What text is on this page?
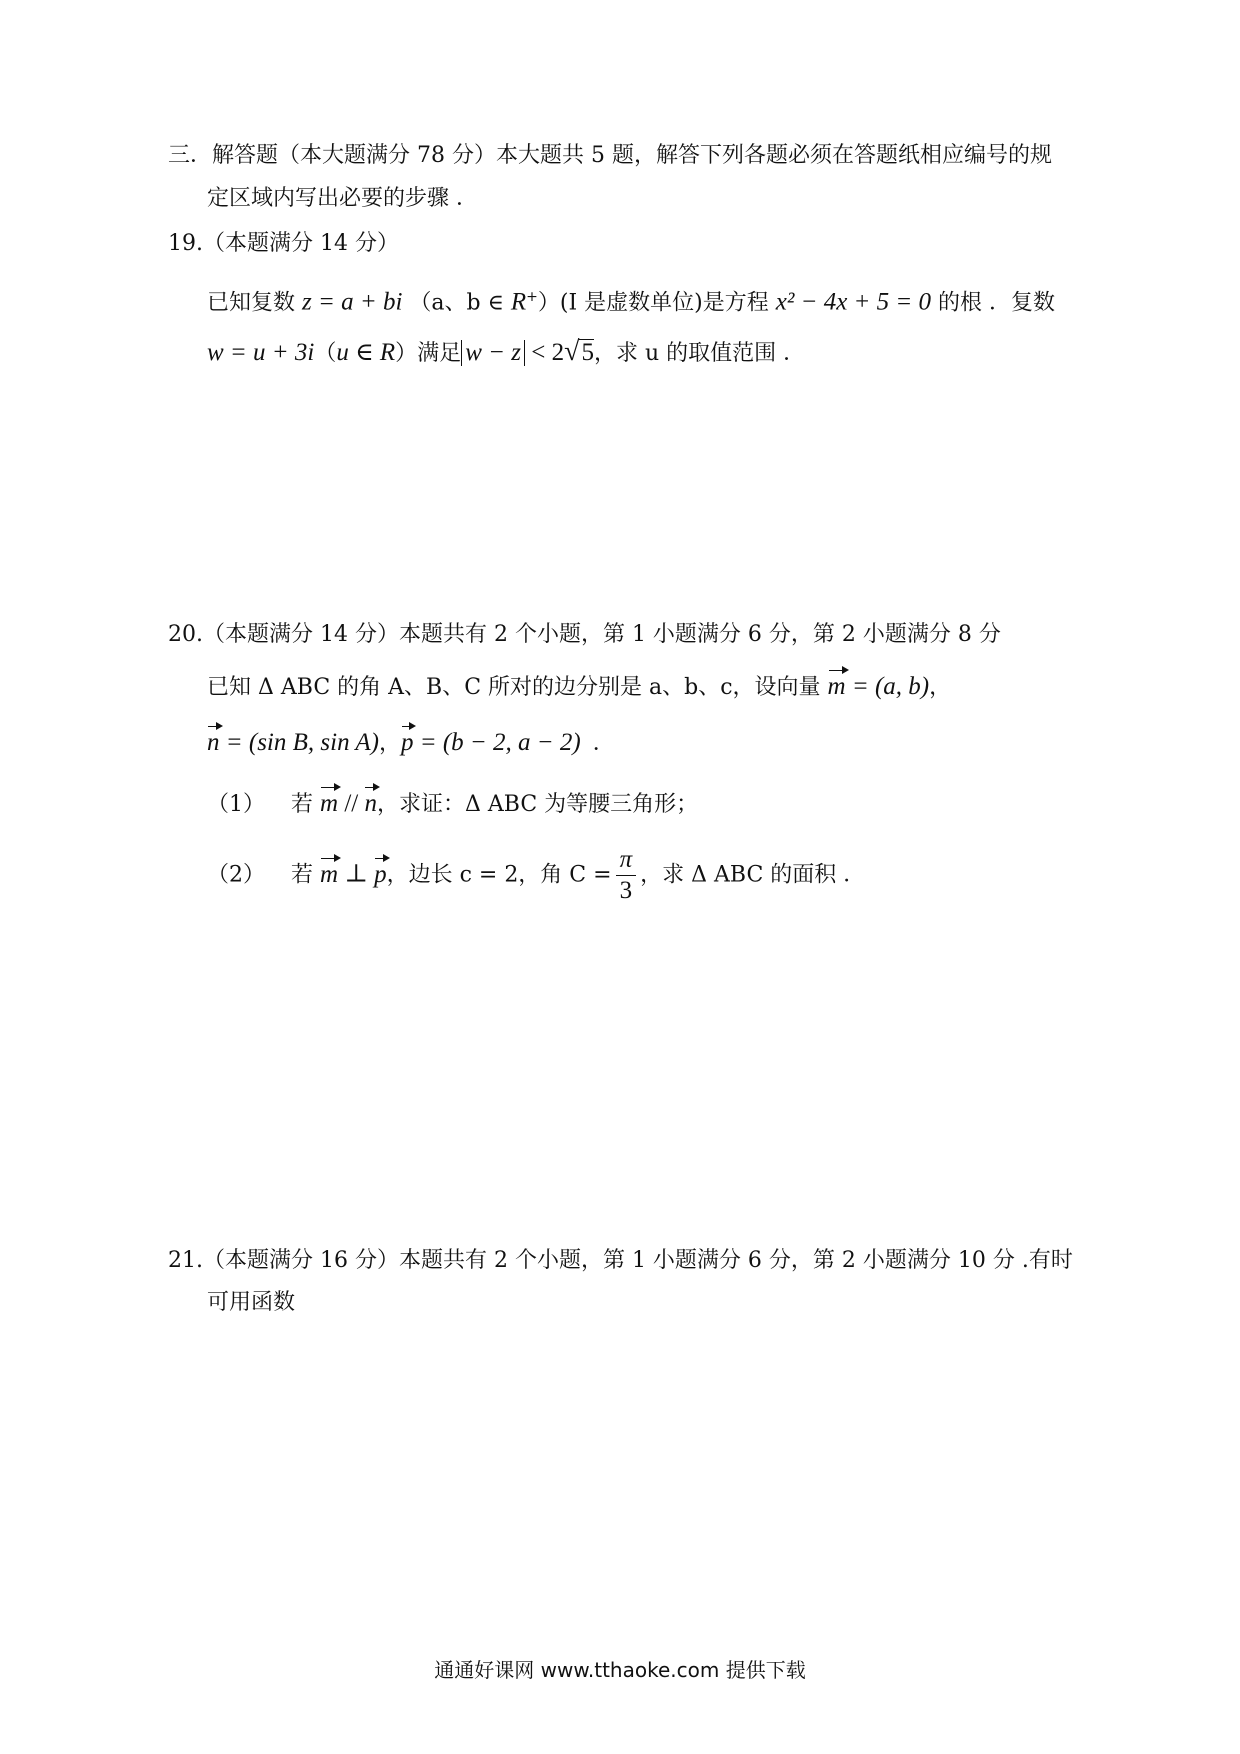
三．解答题（本大题满分 78 分）本大题共 5 题，解答下列各题必须在答题纸相应编号的规
定区域内写出必要的步骤 ．
19.（本题满分 14 分）
已知复数 z = a + bi （a、b ∈ R+）(I 是虚数单位)是方程 x² − 4x + 5 = 0 的根 ．复数
w = u + 3i（u ∈ R）满足 w − z < 2√5，求 u 的取值范围 ．
20.（本题满分 14 分）本题共有 2 个小题，第 1 小题满分 6 分，第 2 小题满分 8 分
已知 Δ ABC 的角 A、B、C 所对的边分别是 a、b、c，设向量 m = (a, b)，
n = (sin B, sin A)，p = (b − 2, a − 2) ．
（1） 若 m // n，求证：Δ ABC 为等腰三角形；
（2） 若 m ⊥ p，边长 c = 2，角 $C = \frac{\pi}{3}$ ，求 Δ ABC 的面积 ．
21.（本题满分 16 分）本题共有 2 个小题，第 1 小题满分 6 分，第 2 小题满分 10 分 .有时
可用函数
通通好课网 www.tthaoke.com 提供下载
